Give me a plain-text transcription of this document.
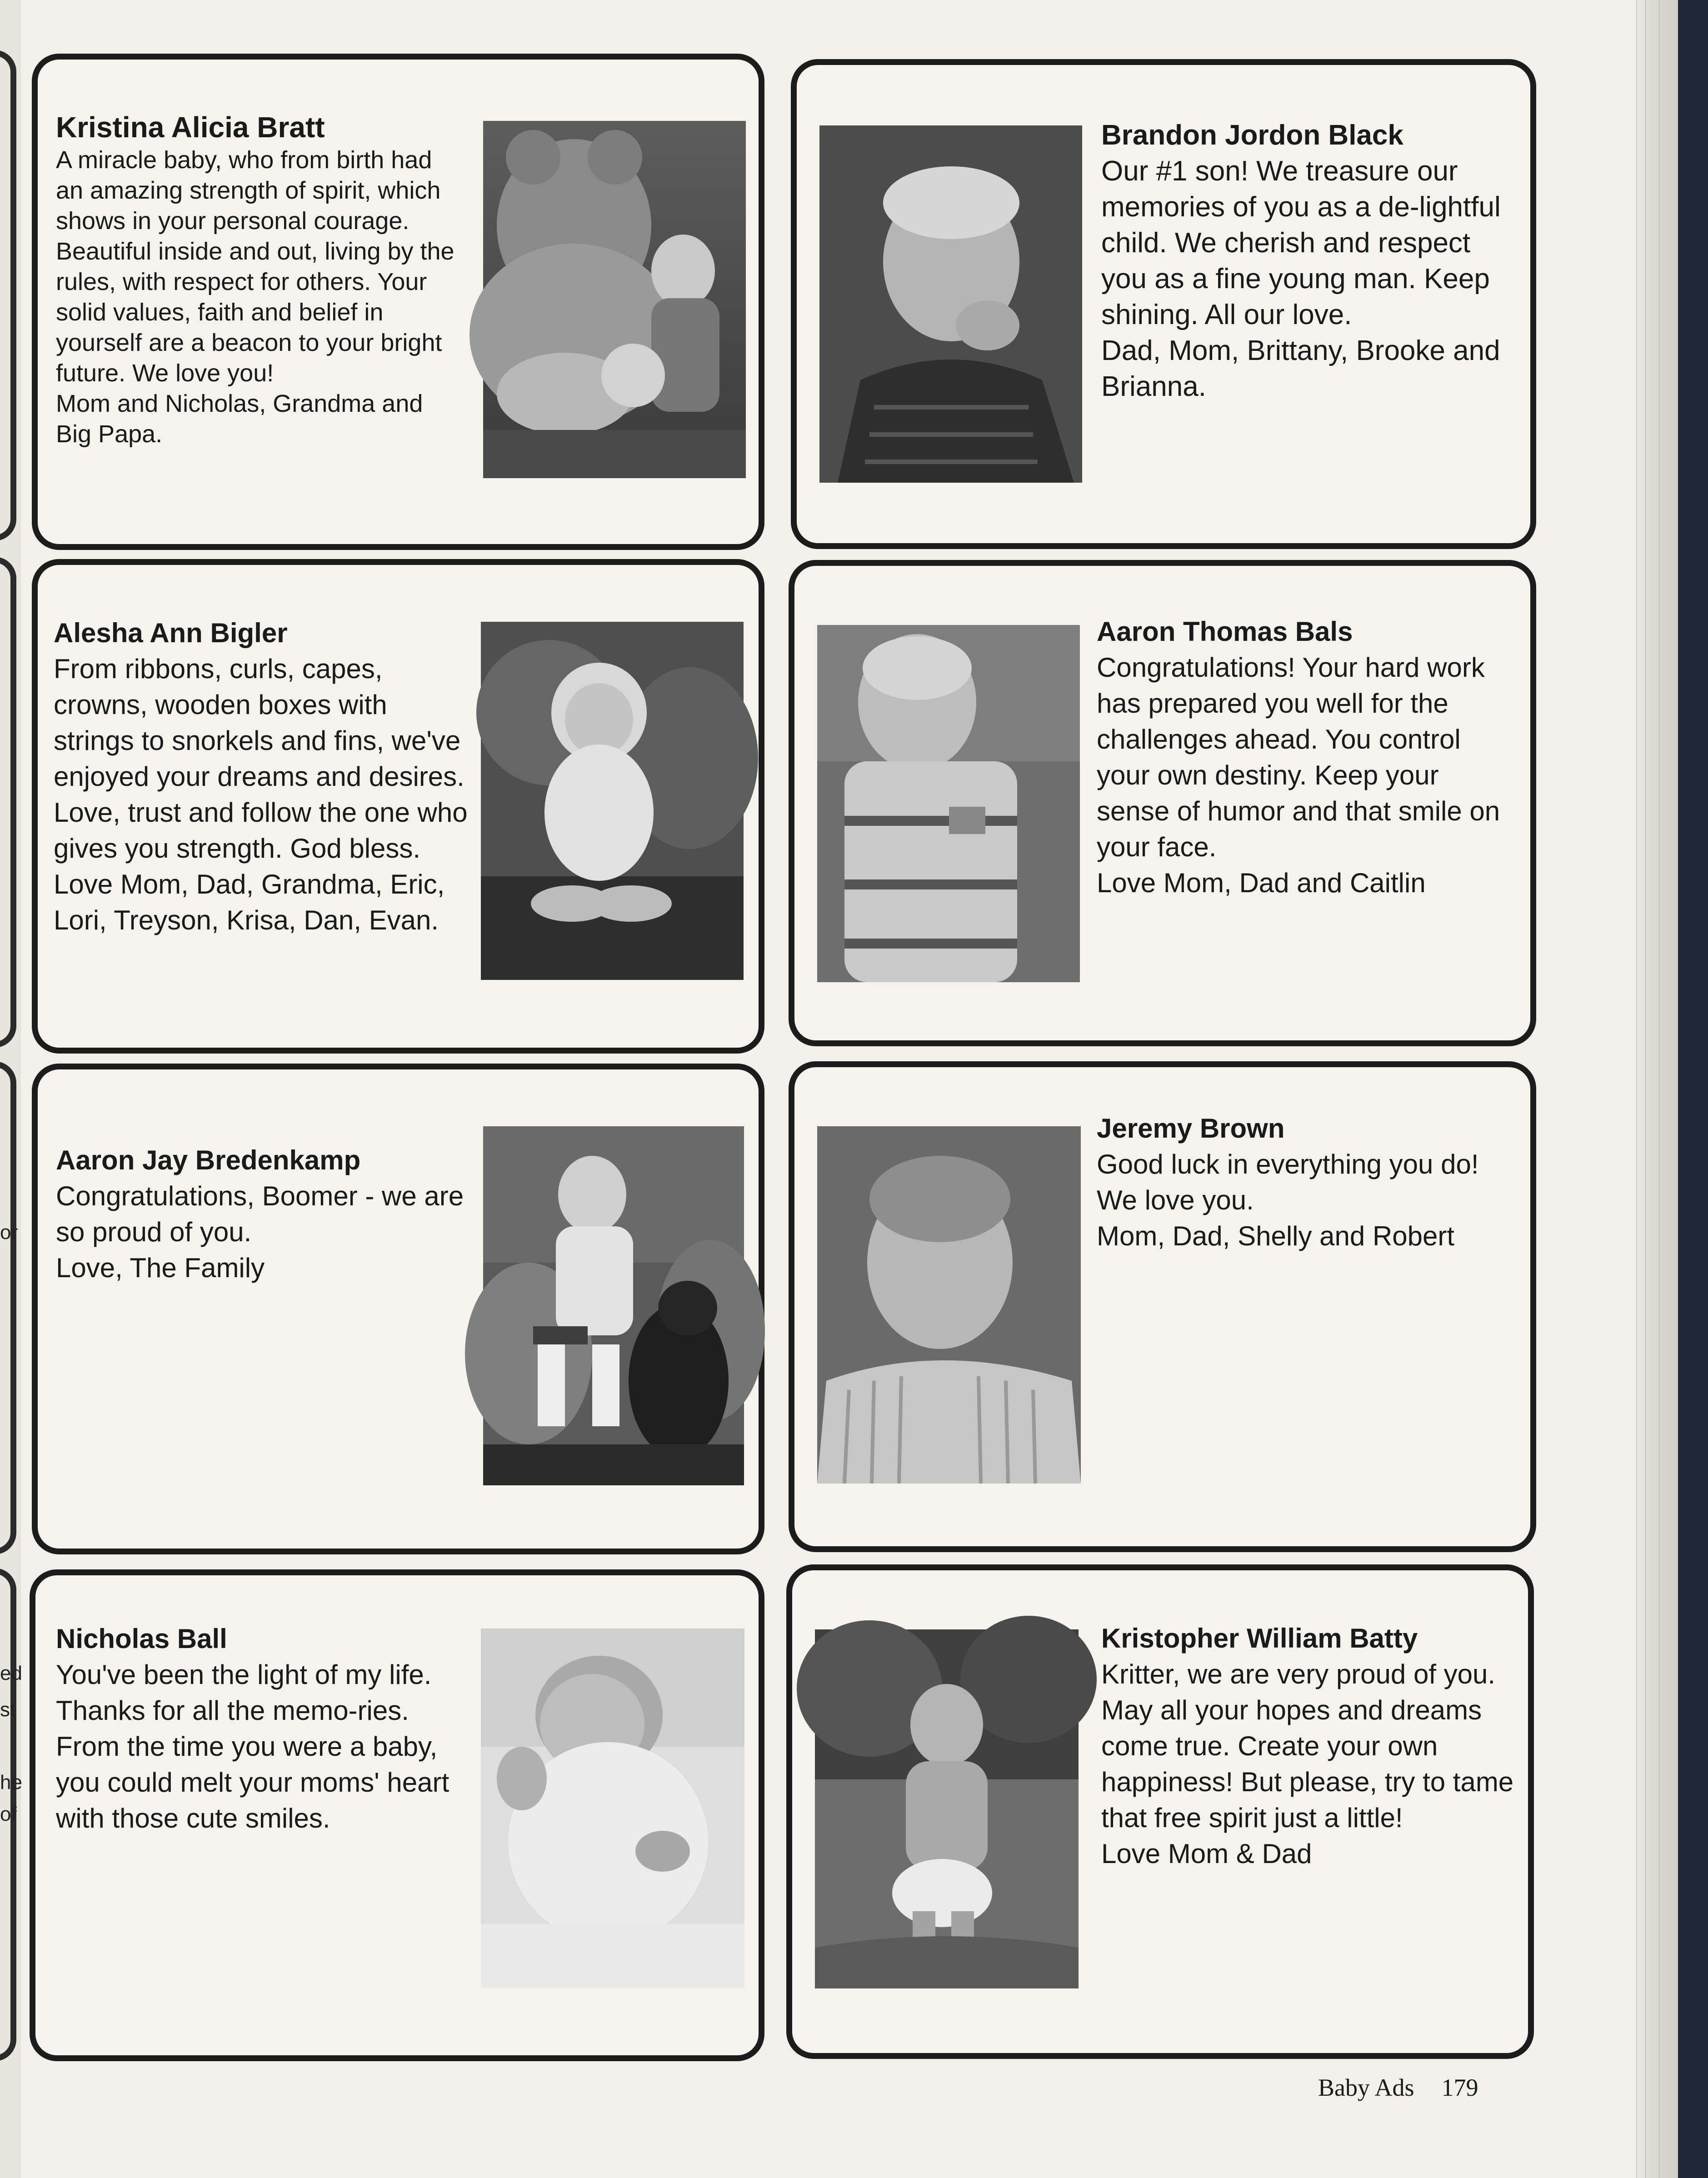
or
ed
st
he
of

Kristina Alicia Bratt

A miracle baby, who from birth had an amazing strength of spirit, which shows in your personal courage. Beautiful inside and out, living by the rules, with respect for others. Your solid values, faith and belief in yourself are a beacon to your bright future. We love you!

Mom and Nicholas, Grandma and Big Papa.

Brandon Jordon Black

Our #1 son! We treasure our memories of you as a de-lightful child. We cherish and respect you as a fine young man. Keep shining. All our love.

Dad, Mom, Brittany, Brooke and Brianna.

Alesha Ann Bigler

From ribbons, curls, capes, crowns, wooden boxes with strings to snorkels and fins, we've enjoyed your dreams and desires. Love, trust and follow the one who gives you strength. God bless.

Love Mom, Dad, Grandma, Eric, Lori, Treyson, Krisa, Dan, Evan.

Aaron Thomas Bals

Congratulations! Your hard work has prepared you well for the challenges ahead. You control your own destiny. Keep your sense of humor and that smile on your face.

Love Mom, Dad and Caitlin

Aaron Jay Bredenkamp

Congratulations, Boomer - we are so proud of you.

Love, The Family

Jeremy Brown

Good luck in everything you do! We love you.

Mom, Dad, Shelly and Robert

Nicholas Ball

You've been the light of my life. Thanks for all the memo-ries. From the time you were a baby, you could melt your moms' heart with those cute smiles.

Kristopher William Batty

Kritter, we are very proud of you. May all your hopes and dreams come true. Create your own happiness! But please, try to tame that free spirit just a little!

Love Mom & Dad

Baby Ads 179
